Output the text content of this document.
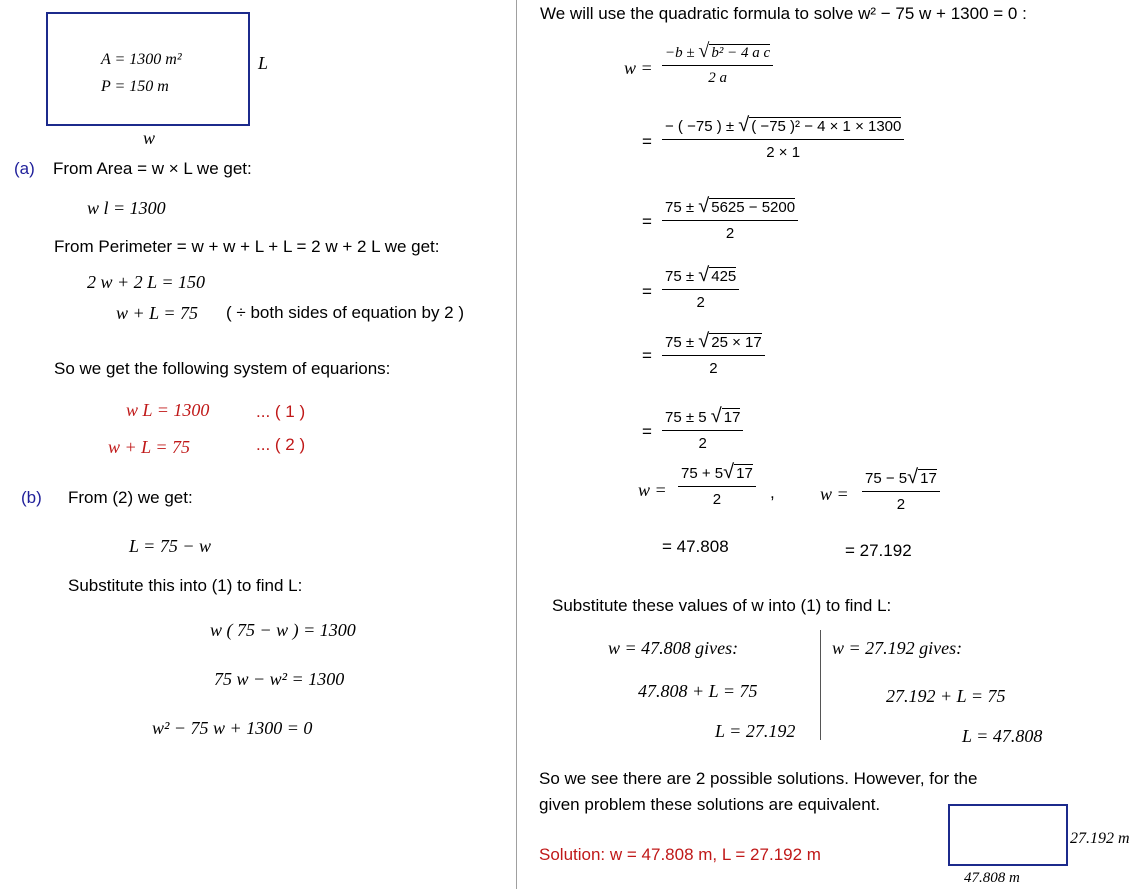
A = 1300 m²
P = 150 m
L
w
(a) From Area = w × L we get:
w l = 1300
From Perimeter = w + w + L + L = 2 w + 2 L we get:
2 w + 2 L = 150
w + L = 75 ( ÷ both sides of equation by 2 )
So we get the following system of equarions:
w L = 1300	... ( 1 )
w + L = 75	... ( 2 )
(b) From (2) we get:
L = 75 − w
Substitute this into (1) to find L:
w ( 75 − w ) = 1300
75 w − w² = 1300
w² − 75 w + 1300 = 0
We will use the quadratic formula to solve w² − 75 w + 1300 = 0 :
w =
−b ± √ b² − 4 a c
2 a
=
− ( −75 ) ± √ ( −75 )² − 4 × 1 × 1300
2 × 1
=
75 ± √ 5625 − 5200
2
=
75 ± √ 425
2
=
75 ± √ 25 × 17
2
=
75 ± 5 √ 17
2
w =
75 + 5√ 17
2	,	w =
75 − 5√ 17
2
= 47.808	= 27.192
Substitute these values of w into (1) to find L:
w = 47.808 gives:
47.808 + L = 75
L = 27.192
w = 27.192 gives:
27.192 + L = 75
L = 47.808
So we see there are 2 possible solutions. However, for the
given problem these solutions are equivalent.
Solution: w = 47.808 m, L = 27.192 m
27.192 m
47.808 m
